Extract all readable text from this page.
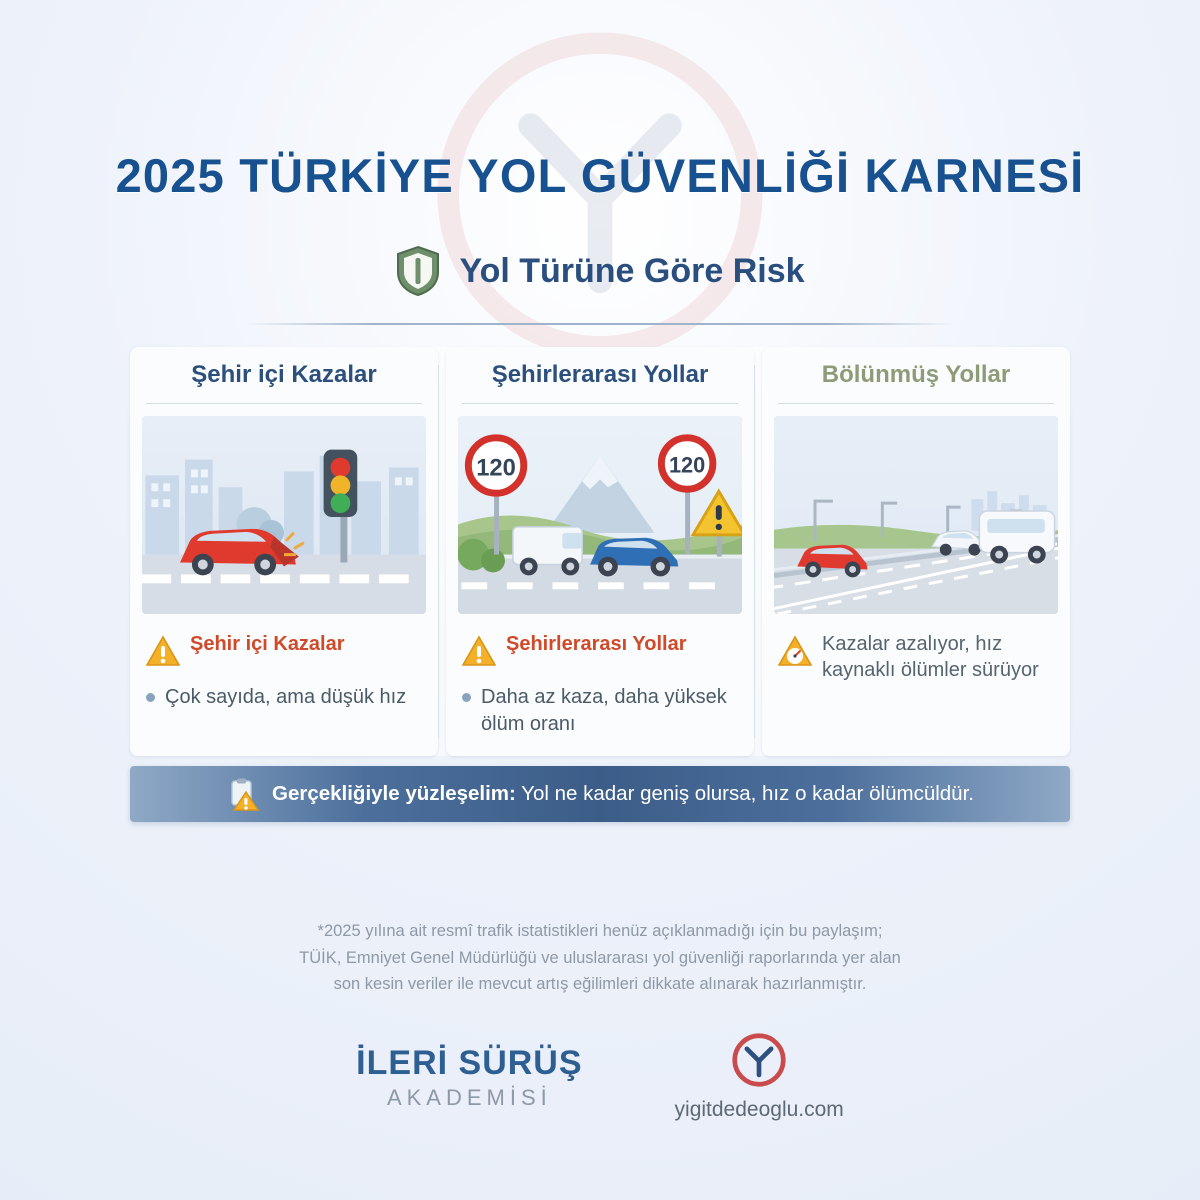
2025 TÜRKİYE YOL GÜVENLİĞİ KARNESİ
Yol Türüne Göre Risk
Şehir içi Kazalar
Şehir içi Kazalar
Çok sayıda, ama düşük hız
Şehirlerarası Yollar
120	120
Şehirlerarası Yollar
Daha az kaza, daha yüksek ölüm oranı
Bölünmüş Yollar
Kazalar azalıyor, hız kaynaklı ölümler sürüyor
Gerçekliğiyle yüzleşelim: Yol ne kadar geniş olursa, hız o kadar ölümcüldür.
*2025 yılına ait resmî trafik istatistikleri henüz açıklanmadığı için bu paylaşım;
TÜİK, Emniyet Genel Müdürlüğü ve uluslararası yol güvenliği raporlarında yer alan
son kesin veriler ile mevcut artış eğilimleri dikkate alınarak hazırlanmıştır.
İLERİ SÜRÜŞ
AKADEMİSİ	yigitdedeoglu.com
